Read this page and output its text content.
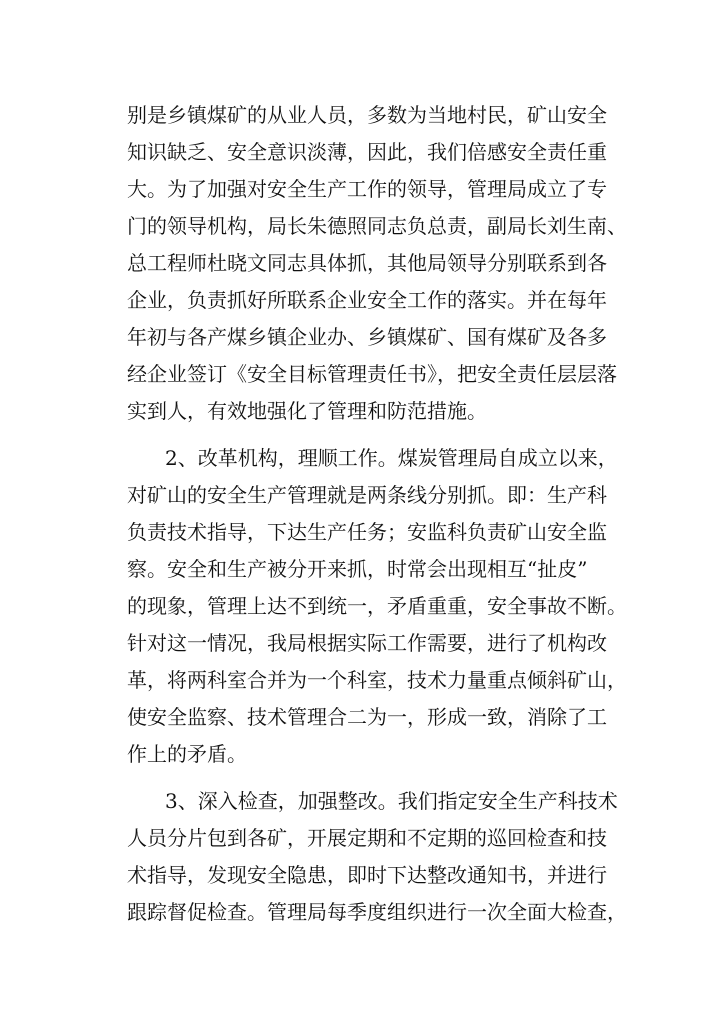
别是乡镇煤矿的从业人员，多数为当地村民，矿山安全
知识缺乏、安全意识淡薄，因此，我们倍感安全责任重
大。为了加强对安全生产工作的领导，管理局成立了专
门的领导机构，局长朱德照同志负总责，副局长刘生南、
总工程师杜晓文同志具体抓，其他局领导分别联系到各
企业，负责抓好所联系企业安全工作的落实。并在每年
年初与各产煤乡镇企业办、乡镇煤矿、国有煤矿及各多
经企业签订《安全目标管理责任书》，把安全责任层层落
实到人，有效地强化了管理和防范措施。
2、改革机构，理顺工作。煤炭管理局自成立以来，
对矿山的安全生产管理就是两条线分别抓。即：生产科
负责技术指导，下达生产任务；安监科负责矿山安全监
察。安全和生产被分开来抓，时常会出现相互“扯皮”
的现象，管理上达不到统一，矛盾重重，安全事故不断。
针对这一情况，我局根据实际工作需要，进行了机构改
革，将两科室合并为一个科室，技术力量重点倾斜矿山，
使安全监察、技术管理合二为一，形成一致，消除了工
作上的矛盾。
3、深入检查，加强整改。我们指定安全生产科技术
人员分片包到各矿，开展定期和不定期的巡回检查和技
术指导，发现安全隐患，即时下达整改通知书，并进行
跟踪督促检查。管理局每季度组织进行一次全面大检查，
